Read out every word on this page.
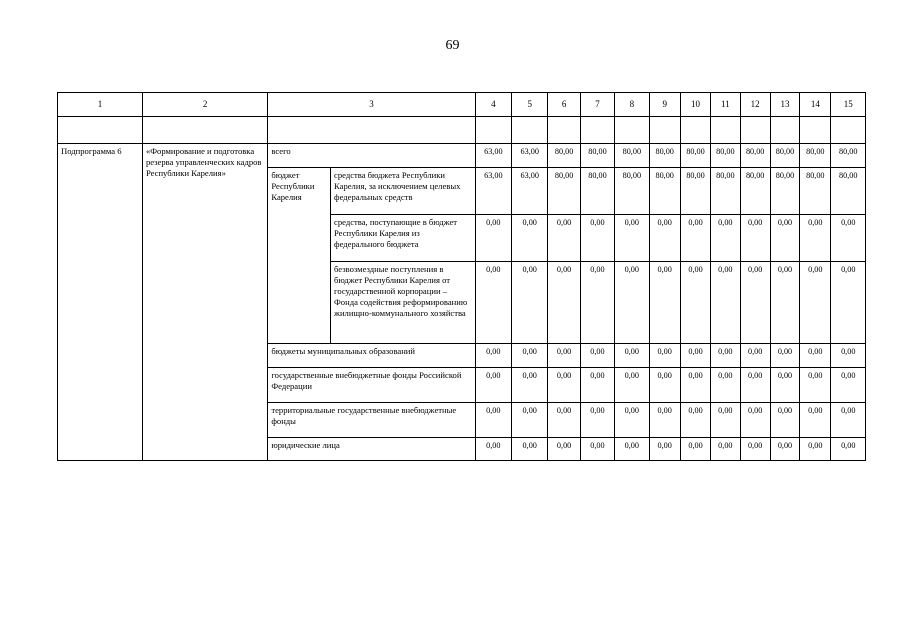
69
1	2	3		4	5	6	7	8	9	10	11	12	13	14	15

Подпрограмма 6	«Формирование и подготовка резерва управленческих кадров Республики Карелия»	всего		63,00	63,00	80,00	80,00	80,00	80,00	80,00	80,00	80,00	80,00	80,00	80,00
		бюджет Республики Карелия	средства бюджета Республики Карелия, за исключением целевых федеральных средств	63,00	63,00	80,00	80,00	80,00	80,00	80,00	80,00	80,00	80,00	80,00	80,00
			средства, поступающие в бюджет Республики Карелия из федерального бюджета	0,00	0,00	0,00	0,00	0,00	0,00	0,00	0,00	0,00	0,00	0,00	0,00
			безвозмездные поступления в бюджет Республики Карелия от государственной корпорации – Фонда содействия реформированию жилищно-коммунального хозяйства	0,00	0,00	0,00	0,00	0,00	0,00	0,00	0,00	0,00	0,00	0,00	0,00
		бюджеты муниципальных образований		0,00	0,00	0,00	0,00	0,00	0,00	0,00	0,00	0,00	0,00	0,00	0,00
		государственные внебюджетные фонды Российской Федерации		0,00	0,00	0,00	0,00	0,00	0,00	0,00	0,00	0,00	0,00	0,00	0,00
		территориальные государственные внебюджетные фонды		0,00	0,00	0,00	0,00	0,00	0,00	0,00	0,00	0,00	0,00	0,00	0,00
		юридические лица		0,00	0,00	0,00	0,00	0,00	0,00	0,00	0,00	0,00	0,00	0,00	0,00
